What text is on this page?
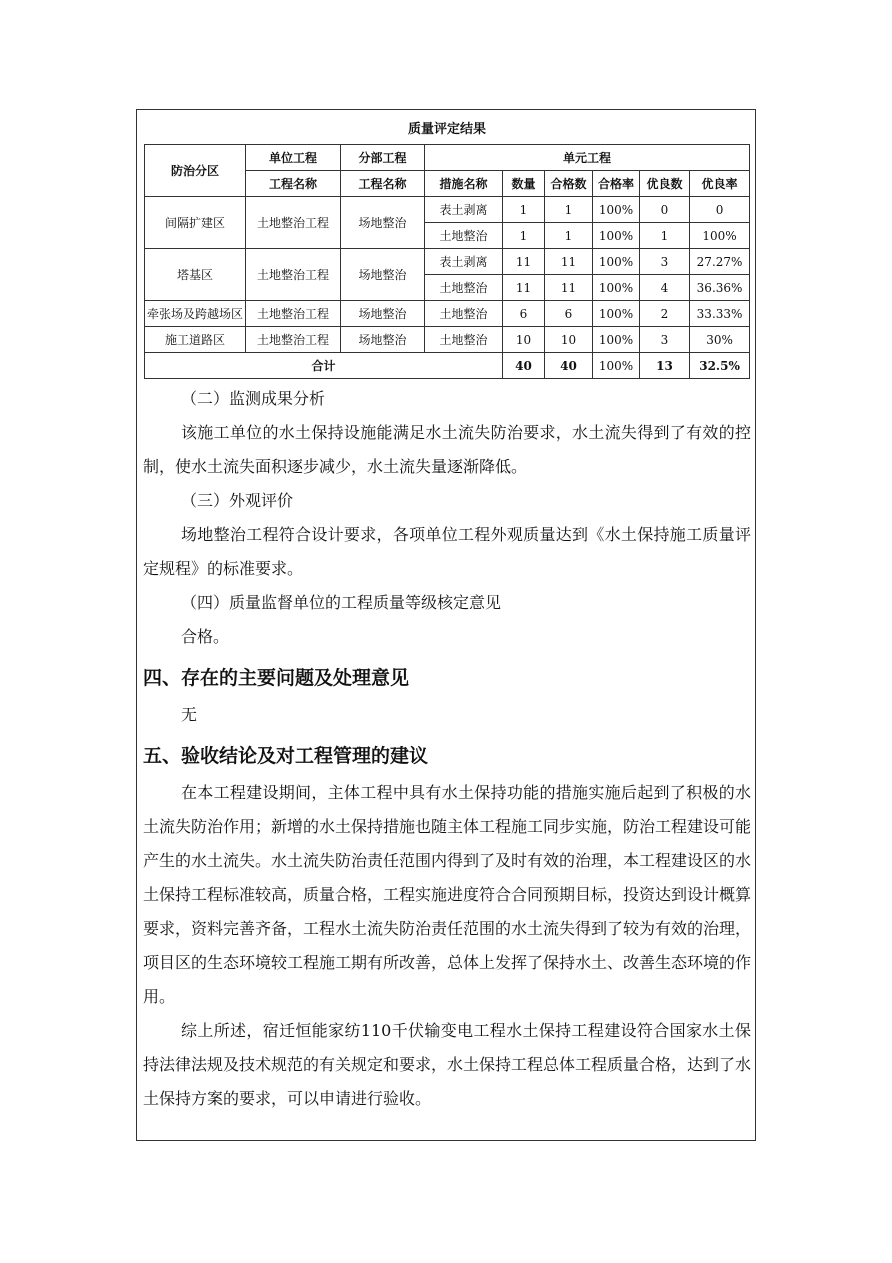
质量评定结果								
防治分区	单位工程	分部工程	单元工程					
	工程名称	工程名称	措施名称	数量	合格数	合格率	优良数	优良率
间隔扩建区	土地整治工程	场地整治	表土剥离	1	1	100%	0	0
			土地整治	1	1	100%	1	100%
塔基区	土地整治工程	场地整治	表土剥离	11	11	100%	3	27.27%
			土地整治	11	11	100%	4	36.36%
牵张场及跨越场区	土地整治工程	场地整治	土地整治	6	6	100%	2	33.33%
施工道路区	土地整治工程	场地整治	土地整治	10	10	100%	3	30%
合计				40	40	100%	13	32.5%

（二）监测成果分析

该施工单位的水土保持设施能满足水土流失防治要求，水土流失得到了有效的控制，使水土流失面积逐步减少，水土流失量逐渐降低。

（三）外观评价

场地整治工程符合设计要求，各项单位工程外观质量达到《水土保持施工质量评定规程》的标准要求。

（四）质量监督单位的工程质量等级核定意见

合格。

四、存在的主要问题及处理意见

无

五、验收结论及对工程管理的建议

在本工程建设期间，主体工程中具有水土保持功能的措施实施后起到了积极的水土流失防治作用；新增的水土保持措施也随主体工程施工同步实施，防治工程建设可能产生的水土流失。水土流失防治责任范围内得到了及时有效的治理，本工程建设区的水土保持工程标准较高，质量合格，工程实施进度符合合同预期目标，投资达到设计概算要求，资料完善齐备，工程水土流失防治责任范围的水土流失得到了较为有效的治理，项目区的生态环境较工程施工期有所改善，总体上发挥了保持水土、改善生态环境的作用。

综上所述，宿迁恒能家纺110千伏输变电工程水土保持工程建设符合国家水土保持法律法规及技术规范的有关规定和要求，水土保持工程总体工程质量合格，达到了水土保持方案的要求，可以申请进行验收。
